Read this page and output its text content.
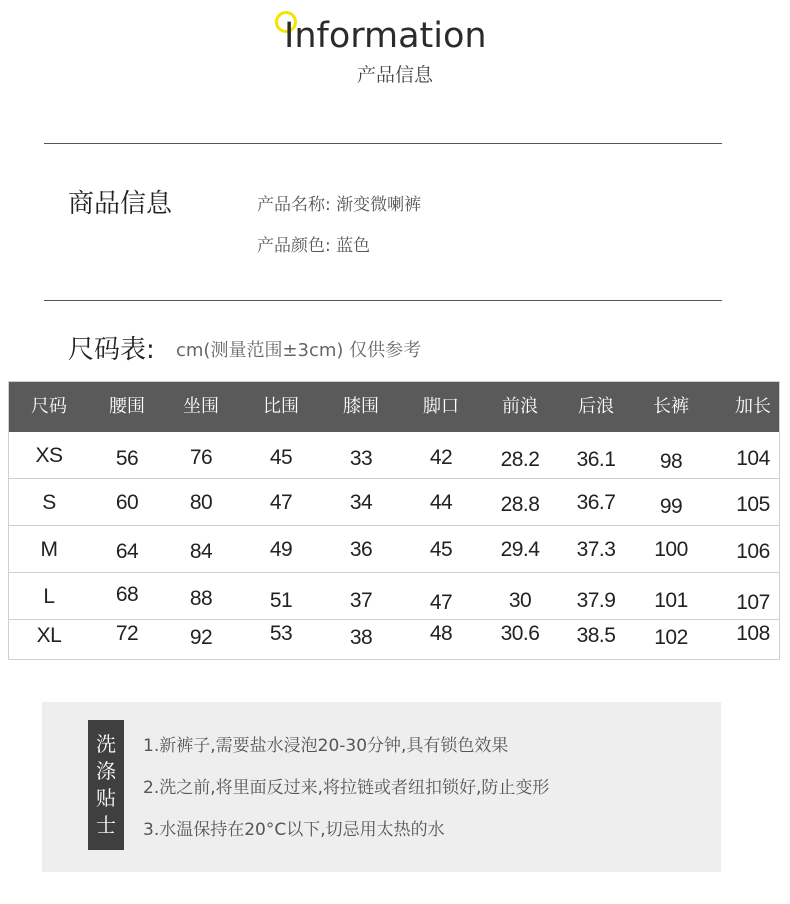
Information
产品信息
商品信息	产品名称: 渐变微喇裤
产品颜色: 蓝色
尺码表: cm(测量范围±3cm) 仅供参考
尺码	腰围	坐围	比围	膝围	脚口	前浪	后浪	长裤	加长
XS	56	76	45	33	42	28.2	36.1	98	104
S	60	80	47	34	44	28.8	36.7	99	105
M	64	84	49	36	45	29.4	37.3	100	106
L	68	88	51	37	47	30	37.9	101	107
XL	72	92	53	38	48	30.6	38.5	102	108
洗
涤
贴
士
1.新裤子,需要盐水浸泡20-30分钟,具有锁色效果
2.洗之前,将里面反过来,将拉链或者纽扣锁好,防止变形
3.水温保持在20°C以下,切忌用太热的水
